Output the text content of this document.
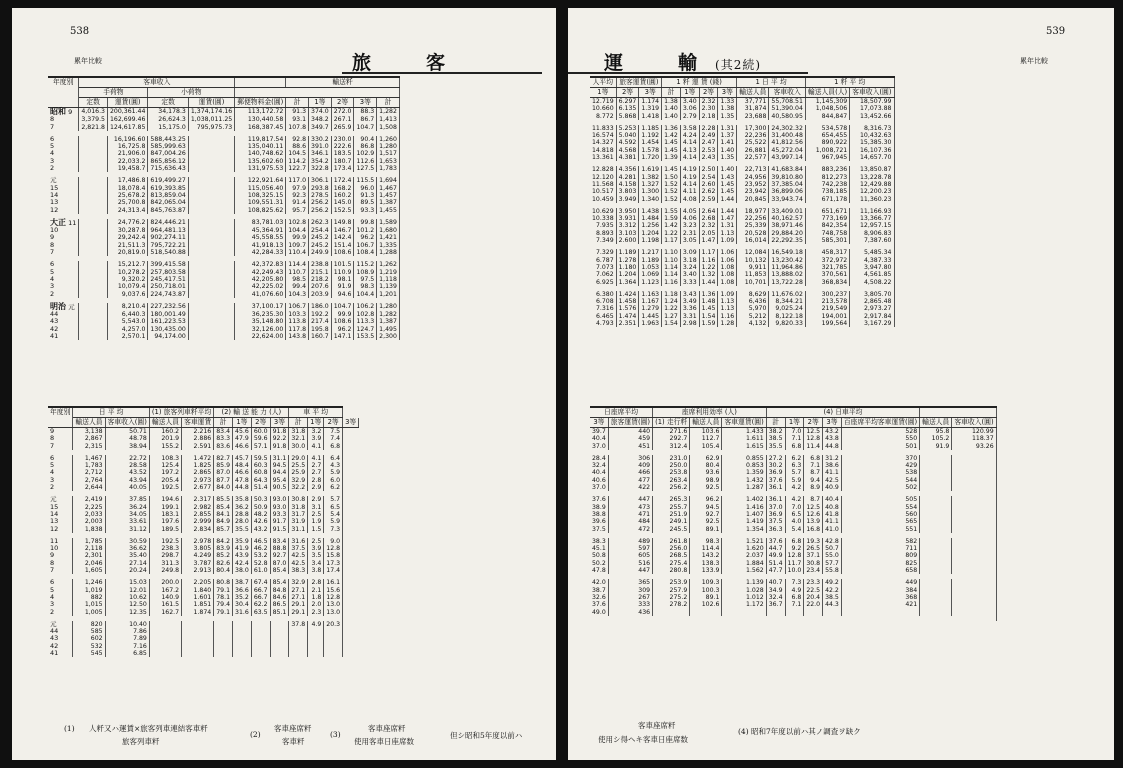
538
累年比較	旅　客
年度別	客車收入					輸送粁				
	手荷物		小荷物							
	定数	運賃(圓)	定数	運賃(圓)	郵便物料金(圓)	計	1等	2等	3等	計
昭和 9	4,016.3	200,361.44	34,178.3	1,374,174.16	113,172.72	91.3	374.0	272.0	88.3	1,282
8	3,379.5	162,699.46	26,624.3	1,038,011.25	130,440.58	93.1	348.2	267.1	86.7	1,413
7	2,821.8	124,617.85	15,175.0	795,975.73	168,387.45	107.8	349.7	265.9	104.7	1,508

6		16,196.60	588,443.25		119,817.54	92.8	330.2	230.0	90.4	1,260
5		16,725.8	585,999.63		135,040.11	88.6	391.0	222.6	86.8	1,280
4		21,906.0	847,004.26		140,748.62	104.5	346.1	183.5	102.9	1,517
3		22,033.2	865,856.12		135,602.60	114.2	354.2	180.7	112.6	1,653
2		19,458.7	715,636.43		131,975.53	122.7	322.8	173.4	127.5	1,783

元		17,486.8	619,499.27		122,921.64	117.0	306.1	172.4	115.5	1,694
15		18,078.4	619,393.85		115,056.40	97.9	293.8	168.2	96.0	1,467
14		25,678.2	813,859.04		108,325.15	92.3	278.5	160.2	91.3	1,457
13		25,700.8	842,065.04		109,551.31	91.4	256.2	145.0	89.5	1,387
12		24,313.4	845,763.87		108,825.62	95.7	256.2	152.5	93.3	1,455

大正 11		24,776.2	824,446.21		83,781.03	102.8	262.3	149.8	99.8	1,589
10		30,287.8	964,481.13		45,364.91	104.4	254.4	146.7	101.2	1,680
9		29,242.4	902,274.11		45,558.55	99.9	245.2	142.4	96.2	1,421
8		21,511.3	795,722.21		41,918.13	109.7	245.2	151.4	106.7	1,335
7		20,819.0	518,540.88		42,284.33	110.4	249.9	108.6	108.4	1,288

6		15,212.7	399,415.58		42,372.83	114.4	238.8	101.5	115.2	1,262
5		10,278.2	257,803.58		42,249.43	110.7	215.1	110.9	108.9	1,219
4		9,320.2	245,417.51		42,205.80	98.5	218.2	98.1	97.5	1,118
3		10,079.4	250,718.01		42,225.02	99.4	207.6	91.9	98.3	1,139
2		9,037.6	224,743.87		41,076.60	104.3	203.9	94.6	104.4	1,201

明治 元		8,210.4	227,232.56		37,100.17	106.7	186.0	104.7	106.2	1,280
44		6,440.3	180,001.49		36,235.30	103.3	192.2	99.9	102.8	1,282
43		5,543.0	161,223.53		35,148.80	113.8	217.4	108.6	113.3	1,387
42		4,257.0	130,435.00		32,126.00	117.8	195.8	96.2	124.7	1,495
41		2,570.1	94,174.00		22,624.00	143.8	160.7	147.1	153.5	2,300
年度別	日 平 均		(1) 旅客列車粁平均		(2) 輸 送 能 力 (人)				車 平 均			
	輸送人員	客車收入(圓)	輸送人員	客車運賃	計	1等	2等	3等	計	1等	2等	3等
9	3,138	50.71	160.2	2.216	83.4	45.6	60.0	91.8	31.8	3.2	7.5	
8	2,867	48.78	201.9	2.886	83.3	47.9	59.6	92.2	32.1	3.9	7.4	
7	2,315	38.94	155.2	2.591	83.6	46.6	57.1	91.8	30.0	4.1	6.8	

6	1,467	22.72	108.3	1.472	82.7	45.7	59.5	31.1	29.0	4.1	6.4	
5	1,783	28.58	125.4	1.825	85.9	48.4	60.3	94.5	25.5	2.7	4.3	
4	2,712	43.52	197.2	2.865	87.0	46.6	60.8	94.4	25.9	2.7	5.9	
3	2,764	43.94	205.4	2.973	87.7	47.8	64.3	95.4	32.9	2.8	6.0	
2	2,644	40.05	192.5	2.677	84.0	44.8	51.4	90.5	32.2	2.9	6.2	

元	2,419	37.85	194.6	2.317	85.5	35.8	50.3	93.0	30.8	2.9	5.7	
15	2,225	36.24	199.1	2.982	85.4	36.2	50.9	93.0	31.8	3.1	6.5	
14	2,033	34.05	183.1	2.855	84.1	28.8	48.2	93.3	31.7	2.5	5.4	
13	2,003	33.61	197.6	2.999	84.9	28.0	42.6	91.7	31.9	1.9	5.9	
12	1,838	31.12	189.5	2.834	85.7	35.5	43.2	91.5	31.1	1.5	7.3	

11	1,785	30.59	192.5	2.978	84.2	35.9	46.5	83.4	31.6	2.5	9.0	
10	2,118	36.62	238.3	3.805	83.9	41.9	46.2	88.8	37.5	3.9	12.8	
9	2,301	35.40	298.7	4.249	85.2	43.9	53.2	92.7	42.5	3.5	15.8	
8	2,046	27.14	311.3	3.787	82.6	42.4	52.8	87.0	42.5	3.4	17.3	
7	1,605	20.24	249.8	2.913	80.4	38.0	61.0	85.4	38.3	3.8	17.4	

6	1,246	15.03	200.0	2.205	80.8	38.7	67.4	85.4	32.9	2.8	16.1	
5	1,019	12.01	167.2	1.840	79.1	36.6	66.7	84.8	27.1	2.1	15.6	
4	882	10.62	140.9	1.601	78.1	35.2	66.7	84.6	27.1	1.8	12.8	
3	1,015	12.50	161.5	1.851	79.4	30.4	62.2	86.5	29.1	2.0	13.0	
2	1,005	12.35	162.7	1.874	79.1	31.6	63.5	85.1	29.1	2.3	13.0	

元	820	10.40							37.8	4.9	20.3	
44	585	7.86										
43	602	7.89										
42	532	7.16										
41	545	6.85										
(1) 人粁又ハ運賃×旅客列車連結客車粁
旅客列車粁
(2)
客車座席粁
客車粁
(3)
客車座席粁
使用客車日座席数
但シ昭和5年度以前ハ
539
累年比較
運　輸(其2続)
人平均	旅客運賃(圓)		1 粁 運 賃 (錢)				1 日 平 均		1 粁 平 均	
1等	2等	3等	計	1等	2等	3等	輸送人員	客車收入	輸送人員(人)	客車收入(圓)
12.719	6.297	1.174	1.38	3.40	2.32	1.33	37,771	55,708.51	1,145,309	18,507.99
10.660	6.135	1.319	1.40	3.06	2.30	1.38	31,874	51,390.04	1,048,506	17,073.88
8.772	5.868	1.418	1.40	2.79	2.18	1.35	23,688	40,580.95	844,847	13,452.66

11.833	5.253	1.185	1.36	3.58	2.28	1.31	17,300	24,302.32	534,578	8,316.73
16.574	5.040	1.192	1.42	4.24	2.49	1.37	22,236	31,400.48	654,455	10,432.63
14.327	4.592	1.454	1.45	4.14	2.47	1.41	25,522	41,812.56	890,922	15,385.30
14.818	4.568	1.578	1.45	4.13	2.53	1.40	26,881	45,272.04	1,008,721	16,107.36
13.361	4.381	1.720	1.39	4.14	2.43	1.35	22,577	43,997.14	967,945	14,657.70

12.828	4.356	1.619	1.45	4.19	2.50	1.40	22,713	41,683.84	883,236	13,850.87
12.120	4.281	1.382	1.50	4.19	2.54	1.43	24,956	39,810.80	812,273	13,228.78
11.568	4.158	1.327	1.52	4.14	2.60	1.45	23,952	37,385.04	742,238	12,429.88
10.517	3.803	1.300	1.52	4.11	2.62	1.45	23,942	36,899.06	738,185	12,200.23
10.459	3.949	1.340	1.52	4.08	2.59	1.44	20,845	33,943.74	671,178	11,360.23

10.629	3.950	1.438	1.55	4.05	2.64	1.44	18,977	33,409.01	651,671	11,166.93
10.338	3.931	1.484	1.59	4.06	2.68	1.47	22,256	40,162.57	773,169	13,366.77
7.935	3.312	1.256	1.42	3.23	2.32	1.31	25,339	38,971.46	842,354	12,957.15
8.893	3.103	1.204	1.22	2.31	2.05	1.13	20,528	29,884.20	748,758	8,906.83
7.349	2.600	1.198	1.17	3.05	1.47	1.09	16,014	22,292.35	585,301	7,387.60

7.329	1.189	1.217	1.10	3.09	1.17	1.06	12,084	16,549.18	458,317	5,485.34
6.787	1.278	1.189	1.10	3.18	1.16	1.06	10,132	13,230.42	372,972	4,387.33
7.073	1.180	1.053	1.14	3.24	1.22	1.08	9,911	11,964.86	321,785	3,947.80
7.062	1.204	1.069	1.14	3.40	1.32	1.08	11,853	13,888.02	370,561	4,561.85
6.925	1.364	1.123	1.16	3.33	1.44	1.08	10,701	13,722.28	368,834	4,508.22

6.380	1.424	1.163	1.18	3.43	1.36	1.09	8,629	11,676.02	300,237	3,805.70
6.708	1.458	1.167	1.24	3.49	1.48	1.13	6,436	8,344.21	213,578	2,865.48
7.316	1.576	1.279	1.22	3.36	1.45	1.13	5,970	9,025.24	219,549	2,973.27
6.465	1.474	1.445	1.27	3.31	1.54	1.16	5,212	8,122.18	194,001	2,917.84
4.793	2.351	1.963	1.54	2.98	1.59	1.28	4,132	9,820.33	199,564	3,167.29
日座席平均		座席利用効率 (人)			(4) 日車平均						
3等	旅客運賃(圓)	(1) 走行粁	輸送人員	客車運賃(圓)	計	1等	2等	3等	百座席平均客車運賃(圓)	輸送人員	客車收入(圓)
39.7	440	271.6	103.6	1.433	38.2	7.0	12.5	43.2	528	95.8	120.99
40.4	459	292.7	112.7	1.611	38.5	7.1	12.8	43.8	550	105.2	118.37
37.0	451	312.4	105.4	1.615	35.5	6.8	11.4	44.8	501	91.9	93.26

28.4	306	231.0	62.9	0.855	27.2	6.2	6.8	31.2	370		
32.4	409	250.0	80.4	0.853	30.2	6.3	7.1	38.6	429		
40.4	466	253.8	93.6	1.359	36.9	5.7	8.7	41.1	538		
40.6	477	263.4	98.9	1.432	37.6	5.9	9.4	42.5	544		
37.0	422	256.2	92.5	1.287	36.1	4.2	8.9	40.9	502		

37.6	447	265.3	96.2	1.402	36.1	4.2	8.7	40.4	505		
38.9	473	255.7	94.5	1.416	37.0	7.0	12.5	40.8	554		
38.8	471	251.9	92.7	1.407	36.9	6.5	12.6	41.8	560		
39.6	484	249.1	92.5	1.419	37.5	4.0	13.9	41.1	565		
37.5	472	245.5	89.1	1.354	36.3	5.4	16.8	41.0	551		

38.3	489	261.8	98.3	1.521	37.6	6.8	19.3	42.8	582		
45.1	597	256.0	114.4	1.620	44.7	9.2	26.5	50.7	711		
50.8	605	268.5	143.2	2.037	49.9	12.8	37.1	55.0	809		
50.2	516	275.4	138.3	1.884	51.4	11.7	30.8	57.7	825		
47.8	447	280.8	133.9	1.562	47.7	10.0	23.4	55.8	658		

42.0	365	253.9	109.3	1.139	40.7	7.3	23.3	49.2	449		
38.7	309	257.9	100.3	1.028	34.9	4.9	22.5	42.2	384		
32.6	267	275.2	89.1	1.012	32.4	6.8	20.4	38.5	368		
37.6	333	278.2	102.6	1.172	36.7	7.1	22.0	44.3	421		
49.0	436										

客車座席粁
使用シ得ヘキ客車日座席数
(4) 昭和7年度以前ハ其ノ調査ヲ缺ク
